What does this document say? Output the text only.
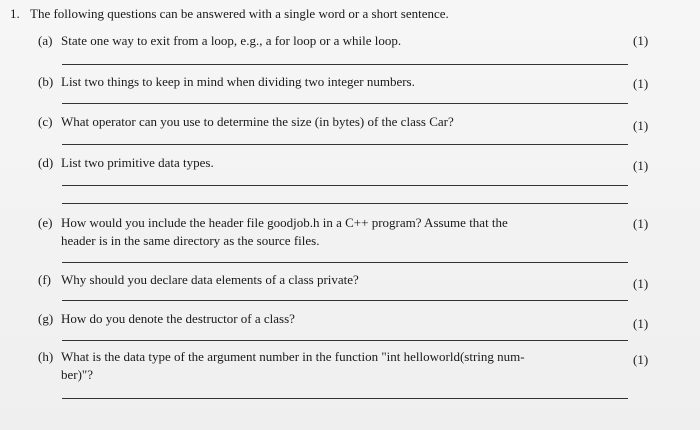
1. The following questions can be answered with a single word or a short sentence.
(a) State one way to exit from a loop, e.g., a for loop or a while loop.	(1)
(b) List two things to keep in mind when dividing two integer numbers.	(1)
(c) What operator can you use to determine the size (in bytes) of the class Car?	(1)
(d) List two primitive data types.	(1)
(e) How would you include the header file goodjob.h in a C++ program? Assume that the
header is in the same directory as the source files.
(1)
(f) Why should you declare data elements of a class private?	(1)
(g) How do you denote the destructor of a class?	(1)
(h) What is the data type of the argument number in the function "int helloworld(string num-
ber)"?
(1)
